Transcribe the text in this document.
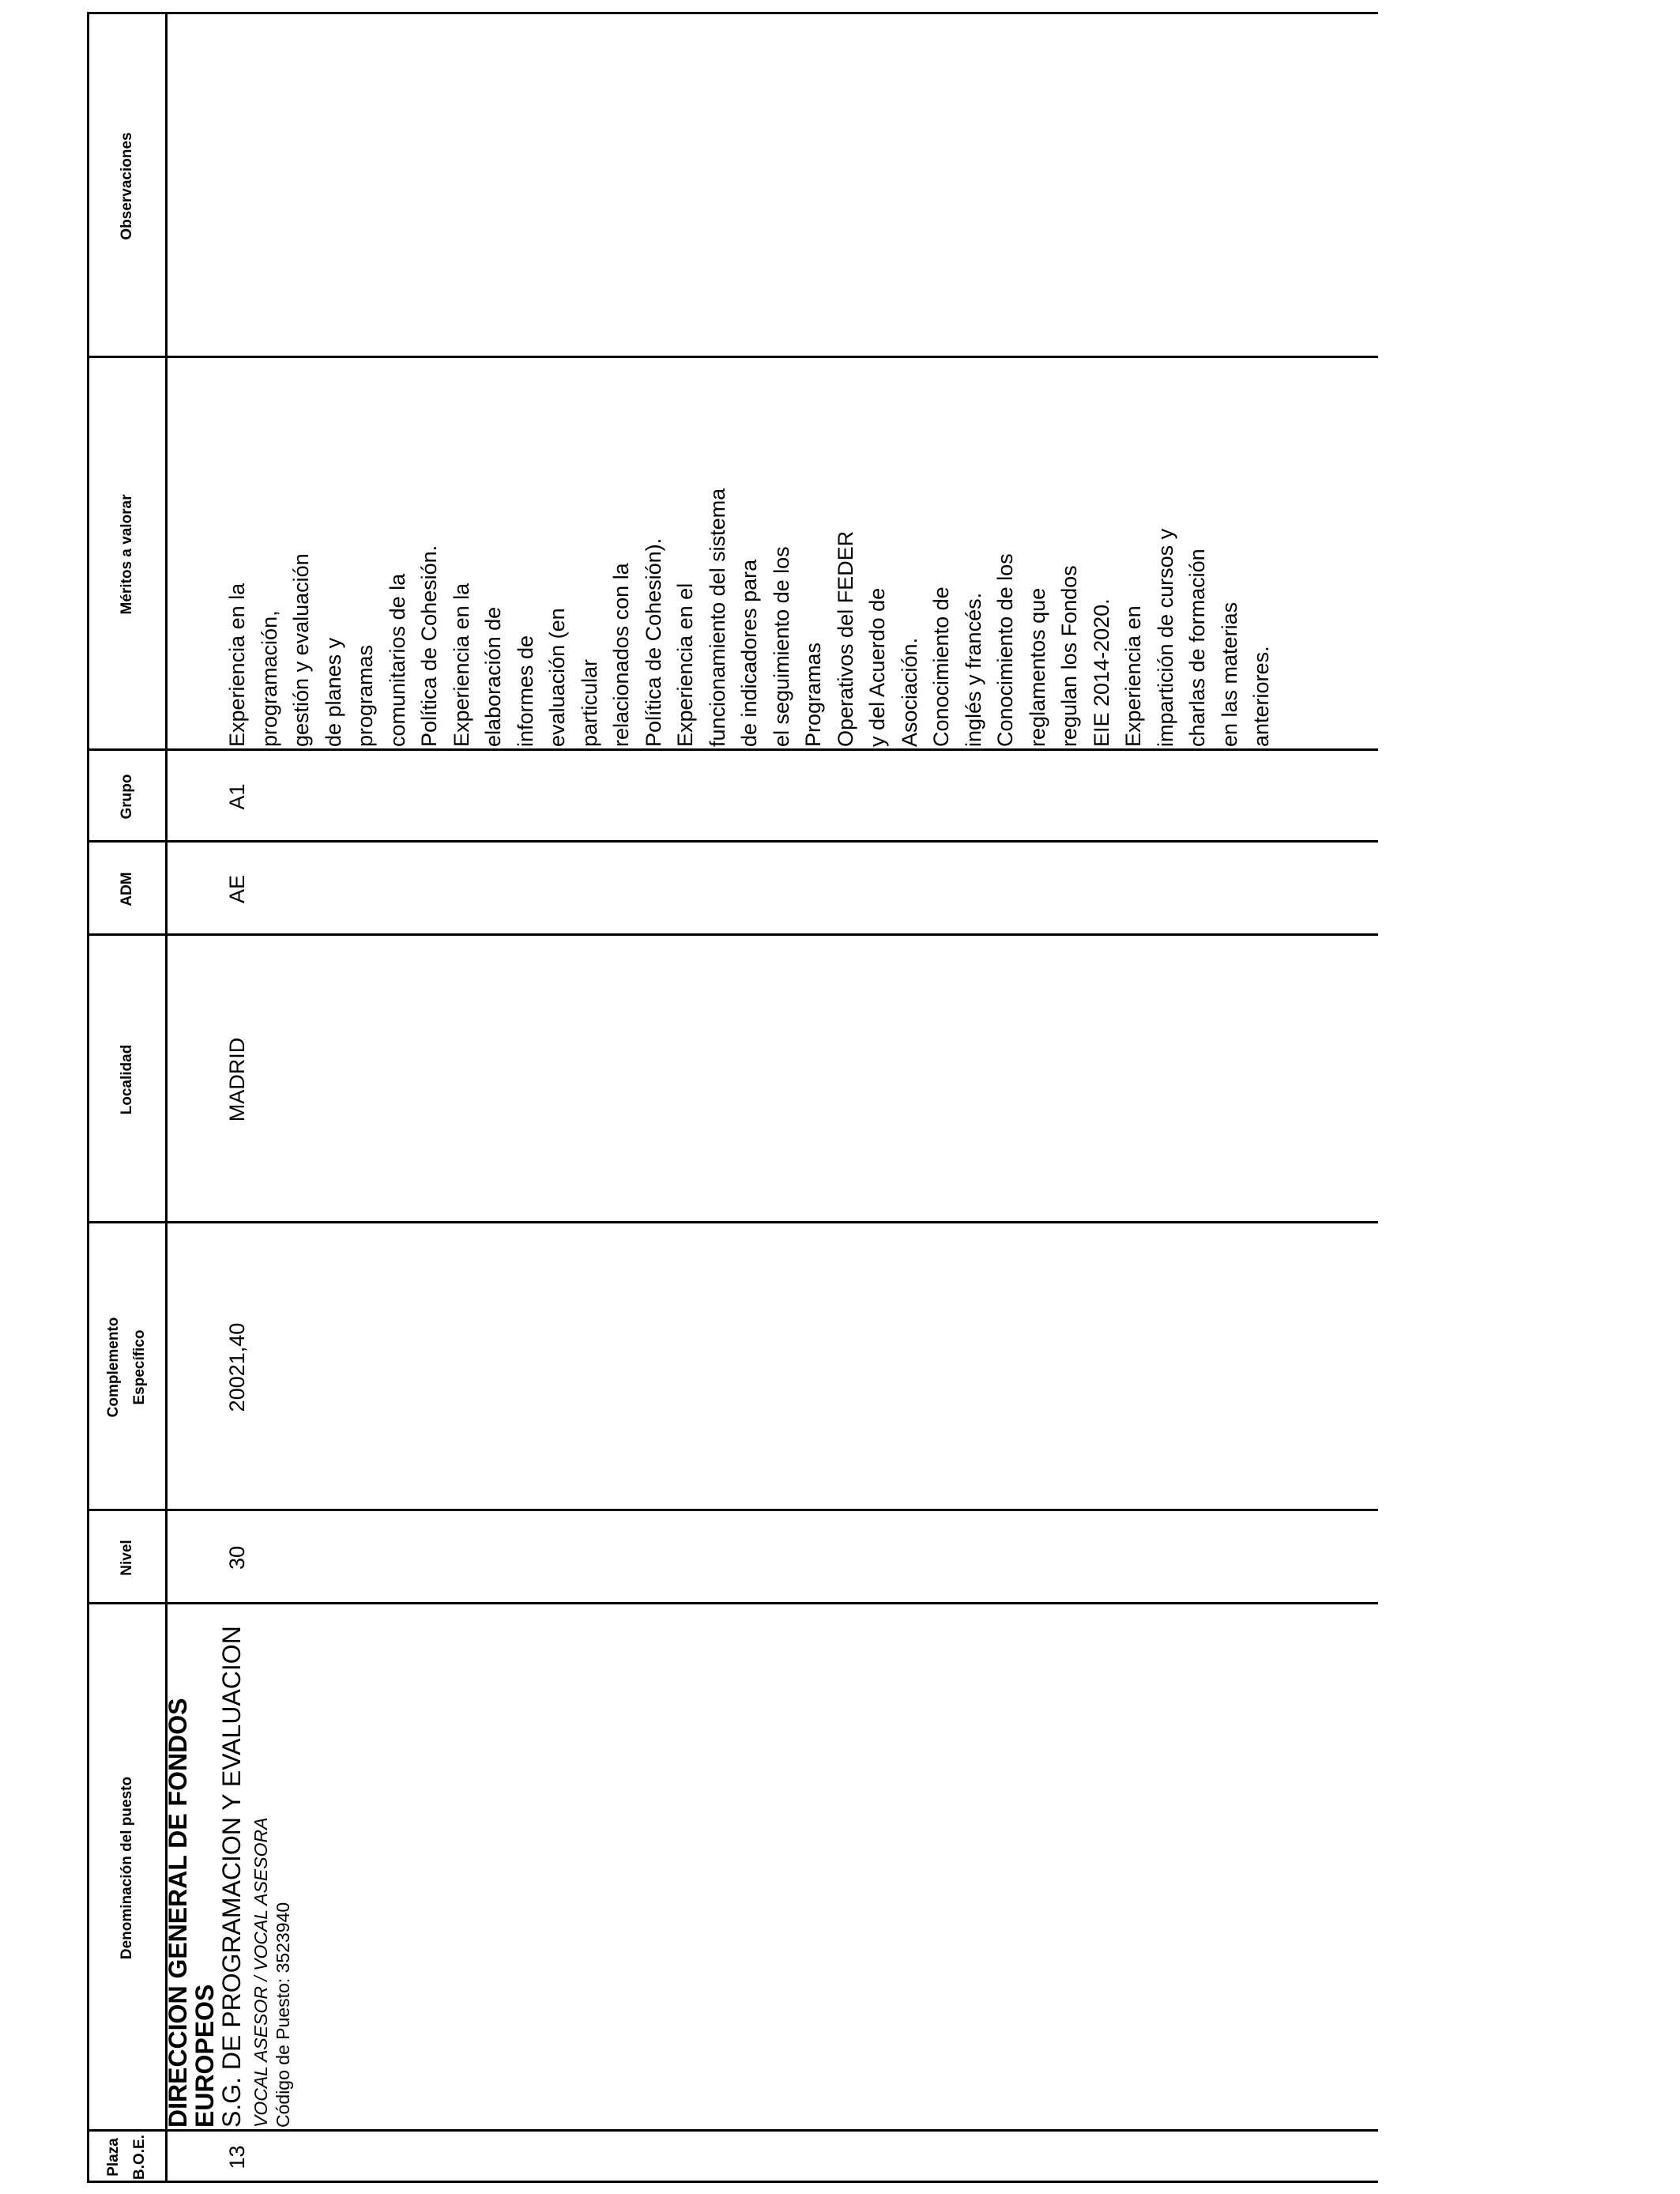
Plaza B.O.E.
Denominación del puesto
Nivel
Complemento Específico
Localidad
ADM
Grupo
Méritos a valorar
Observaciones
13
DIRECCION GENERAL DE FONDOS EUROPEOS
S.G. DE PROGRAMACION Y EVALUACION VOCAL ASESOR / VOCAL ASESORA Código de Puesto: 3523940
30
20021,40
MADRID
AE
A1
Experiencia en la programación, gestión y evaluación de planes y programas comunitarios de la Política de Cohesión. Experiencia en la elaboración de informes de evaluación (en particular relacionados con la Política de Cohesión). Experiencia en el funcionamiento del sistema de indicadores para el seguimiento de los Programas Operativos del FEDER y del Acuerdo de Asociación. Conocimiento de inglés y francés. Conocimiento de los reglamentos que regulan los Fondos EIE 2014-2020. Experiencia en impartición de cursos y charlas de formación en las materias anteriores.
